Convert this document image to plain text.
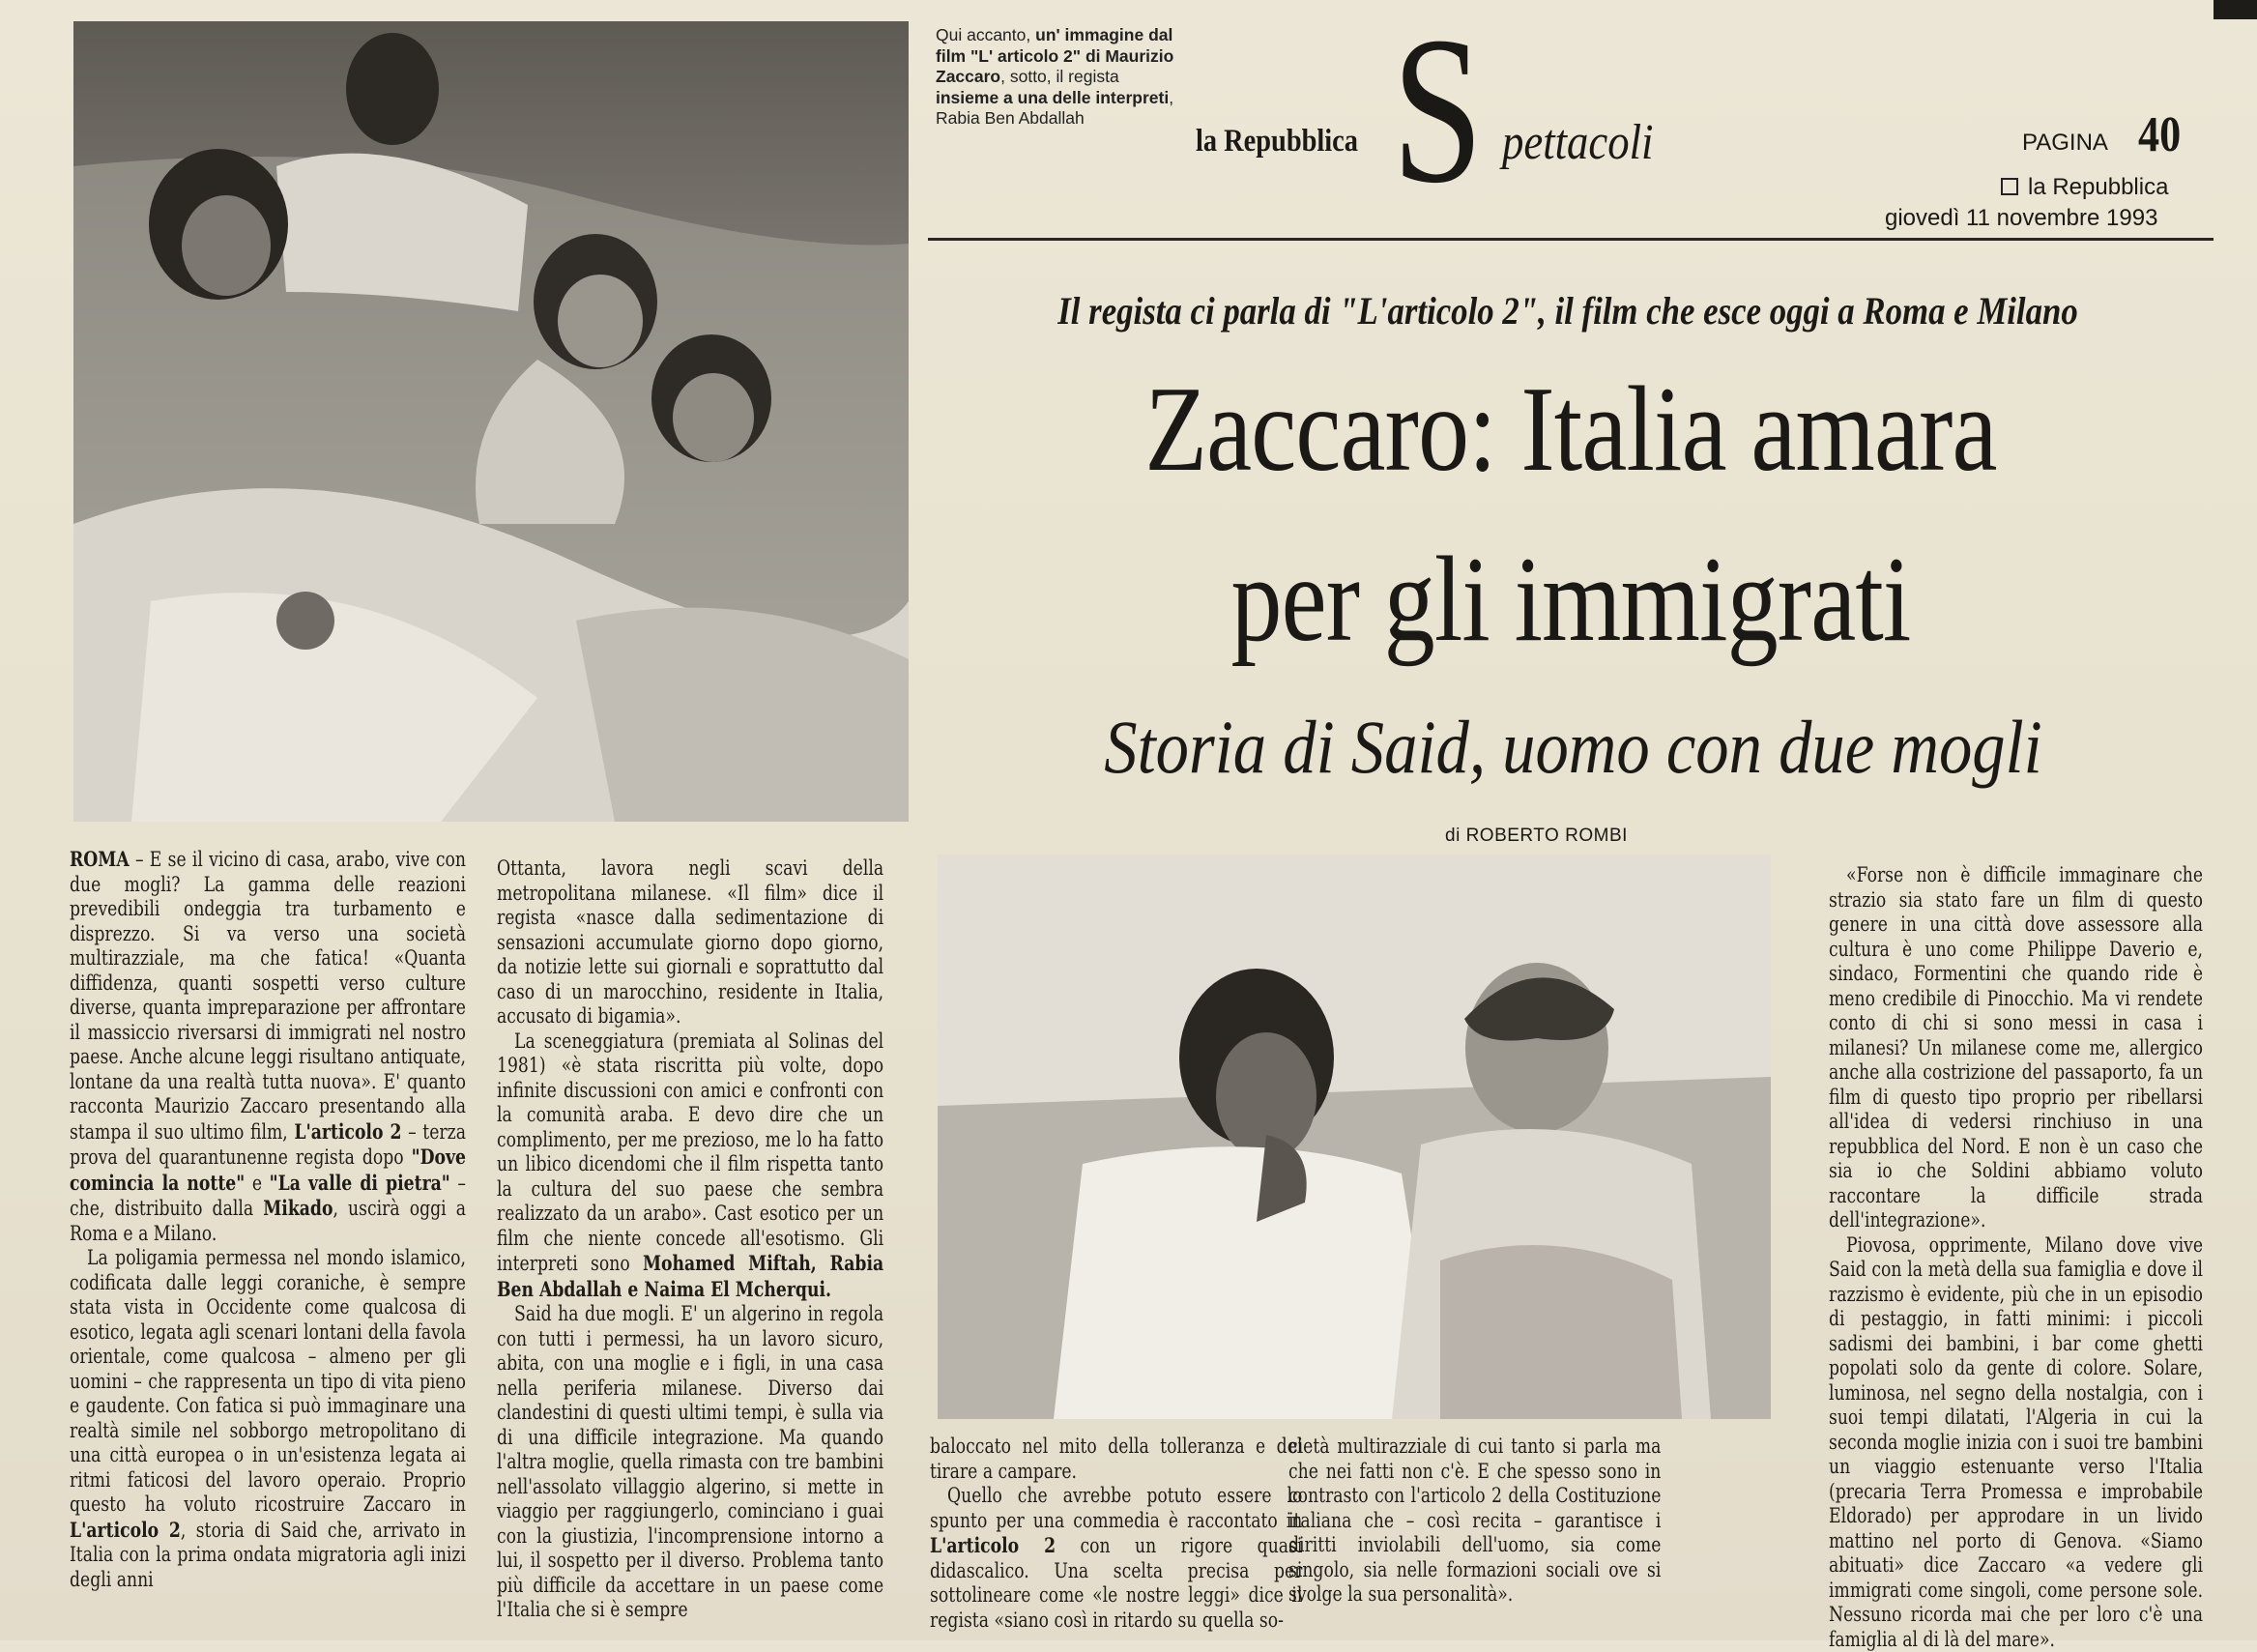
Qui accanto, un' immagine dal film "L' articolo 2" di Maurizio Zaccaro, sotto, il regista insieme a una delle interpreti, Rabia Ben Abdallah
la Repubblica S pettacoli	PAGINA 40
la Repubblica
giovedì 11 novembre 1993
Il regista ci parla di "L'articolo 2", il film che esce oggi a Roma e Milano
Zaccaro: Italia amara
per gli immigrati
Storia di Said, uomo con due mogli
di ROBERTO ROMBI

ROMA – E se il vicino di casa, arabo, vive con due mogli? La gamma delle reazioni prevedibili ondeggia tra turbamento e disprezzo. Si va verso una società multirazziale, ma che fatica! «Quanta diffidenza, quanti sospetti verso culture diverse, quanta impreparazione per affrontare il massiccio riversarsi di immigrati nel nostro paese. Anche alcune leggi risultano antiquate, lontane da una realtà tutta nuova». E' quanto racconta Maurizio Zaccaro presentando alla stampa il suo ultimo film, L'articolo 2 – terza prova del quarantunenne regista dopo "Dove comincia la notte" e "La valle di pietra" – che, distribuito dalla Mikado, uscirà oggi a Roma e a Milano.

La poligamia permessa nel mondo islamico, codificata dalle leggi coraniche, è sempre stata vista in Occidente come qualcosa di esotico, legata agli scenari lontani della favola orientale, come qualcosa – almeno per gli uomini – che rappresenta un tipo di vita pieno e gaudente. Con fatica si può immaginare una realtà simile nel sobborgo metropolitano di una città europea o in un'esistenza legata ai ritmi faticosi del lavoro operaio. Proprio questo ha voluto ricostruire Zaccaro in L'articolo 2, storia di Said che, arrivato in Italia con la prima ondata migratoria agli inizi degli anni

Ottanta, lavora negli scavi della metropolitana milanese. «Il film» dice il regista «nasce dalla sedimentazione di sensazioni accumulate giorno dopo giorno, da notizie lette sui giornali e soprattutto dal caso di un marocchino, residente in Italia, accusato di bigamia».

La sceneggiatura (premiata al Solinas del 1981) «è stata riscritta più volte, dopo infinite discussioni con amici e confronti con la comunità araba. E devo dire che un complimento, per me prezioso, me lo ha fatto un libico dicendomi che il film rispetta tanto la cultura del suo paese che sembra realizzato da un arabo». Cast esotico per un film che niente concede all'esotismo. Gli interpreti sono Mohamed Miftah, Rabia Ben Abdallah e Naima El Mcherqui.

Said ha due mogli. E' un algerino in regola con tutti i permessi, ha un lavoro sicuro, abita, con una moglie e i figli, in una casa nella periferia milanese. Diverso dai clandestini di questi ultimi tempi, è sulla via di una difficile integrazione. Ma quando l'altra moglie, quella rimasta con tre bambini nell'assolato villaggio algerino, si mette in viaggio per raggiungerlo, cominciano i guai con la giustizia, l'incomprensione intorno a lui, il sospetto per il diverso. Problema tanto più difficile da accettare in un paese come l'Italia che si è sempre

baloccato nel mito della tolleranza e del tirare a campare.

Quello che avrebbe potuto essere lo spunto per una commedia è raccontato in L'articolo 2 con un rigore quasi didascalico. Una scelta precisa per sottolineare come «le nostre leggi» dice il regista «siano così in ritardo su quella so-

cietà multirazziale di cui tanto si parla ma che nei fatti non c'è. E che spesso sono in contrasto con l'articolo 2 della Costituzione italiana che – così recita – garantisce i diritti inviolabili dell'uomo, sia come singolo, sia nelle formazioni sociali ove si svolge la sua personalità».

«Forse non è difficile immaginare che strazio sia stato fare un film di questo genere in una città dove assessore alla cultura è uno come Philippe Daverio e, sindaco, Formentini che quando ride è meno credibile di Pinocchio. Ma vi rendete conto di chi si sono messi in casa i milanesi? Un milanese come me, allergico anche alla costrizione del passaporto, fa un film di questo tipo proprio per ribellarsi all'idea di vedersi rinchiuso in una repubblica del Nord. E non è un caso che sia io che Soldini abbiamo voluto raccontare la difficile strada dell'integrazione».

Piovosa, opprimente, Milano dove vive Said con la metà della sua famiglia e dove il razzismo è evidente, più che in un episodio di pestaggio, in fatti minimi: i piccoli sadismi dei bambini, i bar come ghetti popolati solo da gente di colore. Solare, luminosa, nel segno della nostalgia, con i suoi tempi dilatati, l'Algeria in cui la seconda moglie inizia con i suoi tre bambini un viaggio estenuante verso l'Italia (precaria Terra Promessa e improbabile Eldorado) per approdare in un livido mattino nel porto di Genova. «Siamo abituati» dice Zaccaro «a vedere gli immigrati come singoli, come persone sole. Nessuno ricorda mai che per loro c'è una famiglia al di là del mare».
